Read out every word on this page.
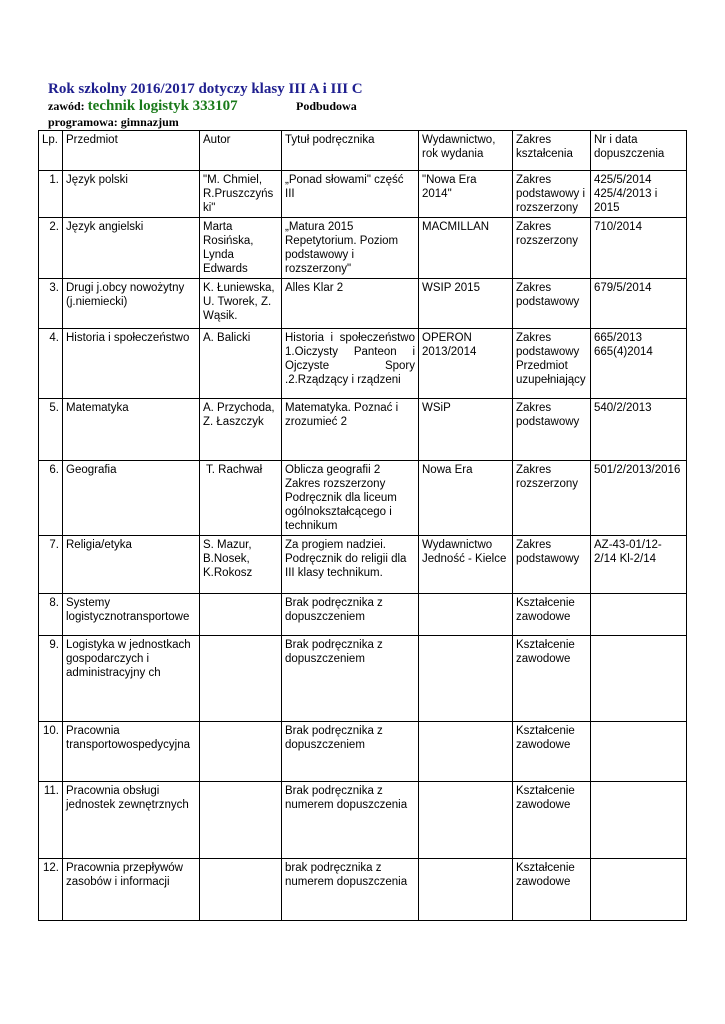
Rok szkolny 2016/2017 dotyczy klasy III A i III C

zawód: technik logistyk 333107	Podbudowa
programowa: gimnazjum
Lp.	Przedmiot	Autor	Tytuł podręcznika	Wydawnictwo, rok wydania	Zakres kształcenia	Nr i data dopuszczenia
1.	Język polski	"M. Chmiel, R.Pruszczyńs ki"	„Ponad słowami" część III	"Nowa Era 2014"	Zakres podstawowy i rozszerzony	425/5/2014 425/4/2013 i 2015
2.	Język angielski	Marta Rosińska, Lynda Edwards	„Matura 2015 Repetytorium. Poziom podstawowy i rozszerzony"	MACMILLAN	Zakres rozszerzony	710/2014
3.	Drugi j.obcy nowożytny (j.niemiecki)	K. Łuniewska, U. Tworek, Z. Wąsik.	Alles Klar 2	WSIP 2015	Zakres podstawowy	679/5/2014
4.	Historia i społeczeństwo	A. Balicki	Historia i społeczeństwo 1.Oiczysty Panteon i Ojczyste Spory .2.Rządzący i rządzeni	OPERON 2013/2014	Zakres podstawowy Przedmiot uzupełniający	665/2013 665(4)2014
5.	Matematyka	A. Przychoda, Z. Łaszczyk	Matematyka. Poznać i zrozumieć 2	WSiP	Zakres podstawowy	540/2/2013
6.	Geografia	T. Rachwał	Oblicza geografii 2 Zakres rozszerzony Podręcznik dla liceum ogólnokształcącego i technikum	Nowa Era	Zakres rozszerzony	501/2/2013/2016
7.	Religia/etyka	S. Mazur, B.Nosek, K.Rokosz	Za progiem nadziei. Podręcznik do religii dla III klasy technikum.	Wydawnictwo Jedność - Kielce	Zakres podstawowy	AZ-43-01/12-2/14 Kl-2/14
8.	Systemy logistycznotransportowe		Brak podręcznika z dopuszczeniem		Kształcenie zawodowe	
9.	Logistyka w jednostkach gospodarczych i administracyjny ch		Brak podręcznika z dopuszczeniem		Kształcenie zawodowe	
10.	Pracownia transportowospedycyjna		Brak podręcznika z dopuszczeniem		Kształcenie zawodowe	
11.	Pracownia obsługi jednostek zewnętrznych		Brak podręcznika z numerem dopuszczenia		Kształcenie zawodowe	
12.	Pracownia przepływów zasobów i informacji		brak podręcznika z numerem dopuszczenia		Kształcenie zawodowe	
